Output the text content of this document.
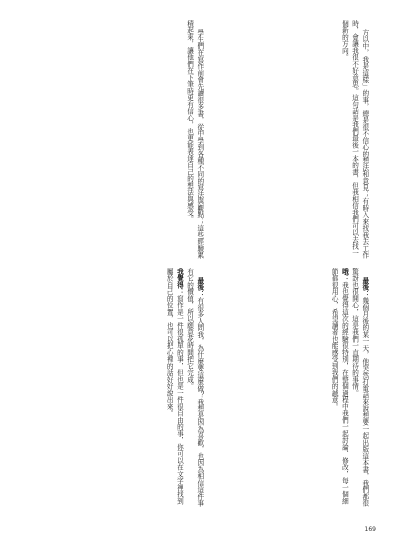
方以中，我是這樣」的事，總是很不信心的想法和意見；有時入來找我去工作時，會讓我很不好意思。這句話是我們最後一本的書，但我相信我們可以去找一個新的方向。

學生們在寫作前會先讀很多書，從中學到各種不同的寫法與觀點；這些經驗累積起來，讓他們在下筆時更有信心，也更能表達自己的想法與感受。

最後：幾個月後的某一天，他突然打電話來說想要一起出版這本書，我們都很驚訝也很開心，這是我們一直期待的事情。
哦：我也覺得這次的經驗很特別，在整個過程中我們一起討論、修改，每一個細節都很用心，希望讀者也能感受到我們的誠意。

最後：有很多人問我，為什麼要這麼做？我想是因為喜歡，也因為相信這件事有它的價值，所以願意花時間把它完成。
我覺得：寫作是一件很孤單的事，但也是一件很自由的事，你可以在文字裡找到屬於自己的位置，也可以把心裡的話好好說出來。

169
